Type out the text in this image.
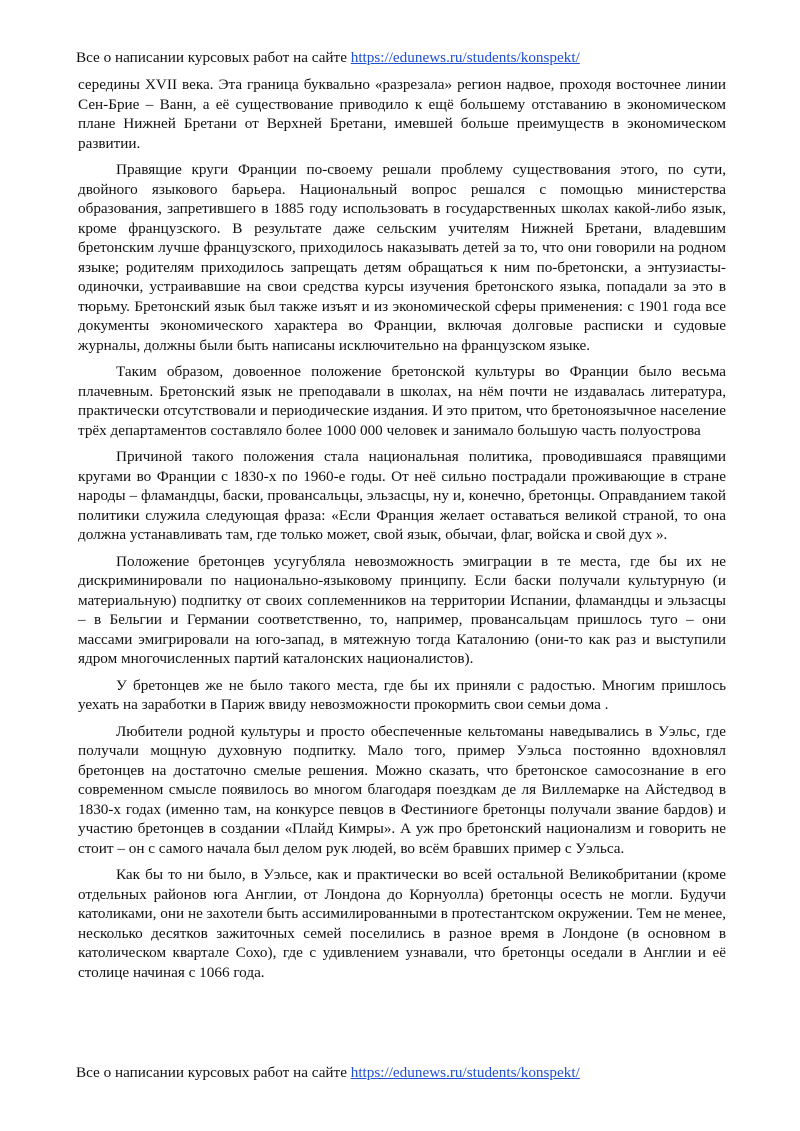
Все о написании курсовых работ на сайте https://edunews.ru/students/konspekt/

середины XVII века. Эта граница буквально «разрезала» регион надвое, проходя восточнее линии Сен-Брие – Ванн, а её существование приводило к ещё большему отставанию в экономическом плане Нижней Бретани от Верхней Бретани, имевшей больше преимуществ в экономическом развитии.

Правящие круги Франции по-своему решали проблему существования этого, по сути, двойного языкового барьера. Национальный вопрос решался с помощью министерства образования, запретившего в 1885 году использовать в государственных школах какой-либо язык, кроме французского. В результате даже сельским учителям Нижней Бретани, владевшим бретонским лучше французского, приходилось наказывать детей за то, что они говорили на родном языке; родителям приходилось запрещать детям обращаться к ним по-бретонски, а энтузиасты-одиночки, устраивавшие на свои средства курсы изучения бретонского языка, попадали за это в тюрьму. Бретонский язык был также изъят и из экономической сферы применения: с 1901 года все документы экономического характера во Франции, включая долговые расписки и судовые журналы, должны были быть написаны исключительно на французском языке.

Таким образом, довоенное положение бретонской культуры во Франции было весьма плачевным. Бретонский язык не преподавали в школах, на нём почти не издавалась литература, практически отсутствовали и периодические издания. И это притом, что бретоноязычное население трёх департаментов составляло более 1000 000 человек и занимало большую часть полуострова

Причиной такого положения стала национальная политика, проводившаяся правящими кругами во Франции с 1830-х по 1960-е годы. От неё сильно пострадали проживающие в стране народы – фламандцы, баски, провансальцы, эльзасцы, ну и, конечно, бретонцы. Оправданием такой политики служила следующая фраза: «Если Франция желает оставаться великой страной, то она должна устанавливать там, где только может, свой язык, обычаи, флаг, войска и свой дух ».

Положение бретонцев усугубляла невозможность эмиграции в те места, где бы их не дискриминировали по национально-языковому принципу. Если баски получали культурную (и материальную) подпитку от своих соплеменников на территории Испании, фламандцы и эльзасцы – в Бельгии и Германии соответственно, то, например, провансальцам пришлось туго – они массами эмигрировали на юго-запад, в мятежную тогда Каталонию (они-то как раз и выступили ядром многочисленных партий каталонских националистов).

У бретонцев же не было такого места, где бы их приняли с радостью. Многим пришлось уехать на заработки в Париж ввиду невозможности прокормить свои семьи дома .

Любители родной культуры и просто обеспеченные кельтоманы наведывались в Уэльс, где получали мощную духовную подпитку. Мало того, пример Уэльса постоянно вдохновлял бретонцев на достаточно смелые решения. Можно сказать, что бретонское самосознание в его современном смысле появилось во многом благодаря поездкам де ля Виллемарке на Айстедвод в 1830-х годах (именно там, на конкурсе певцов в Фестиниоге бретонцы получали звание бардов) и участию бретонцев в создании «Плайд Кимры». А уж про бретонский национализм и говорить не стоит – он с самого начала был делом рук людей, во всём бравших пример с Уэльса.

Как бы то ни было, в Уэльсе, как и практически во всей остальной Великобритании (кроме отдельных районов юга Англии, от Лондона до Корнуолла) бретонцы осесть не могли. Будучи католиками, они не захотели быть ассимилированными в протестантском окружении. Тем не менее, несколько десятков зажиточных семей поселились в разное время в Лондоне (в основном в католическом квартале Сохо), где с удивлением узнавали, что бретонцы оседали в Англии и её столице начиная с 1066 года.

Все о написании курсовых работ на сайте https://edunews.ru/students/konspekt/
